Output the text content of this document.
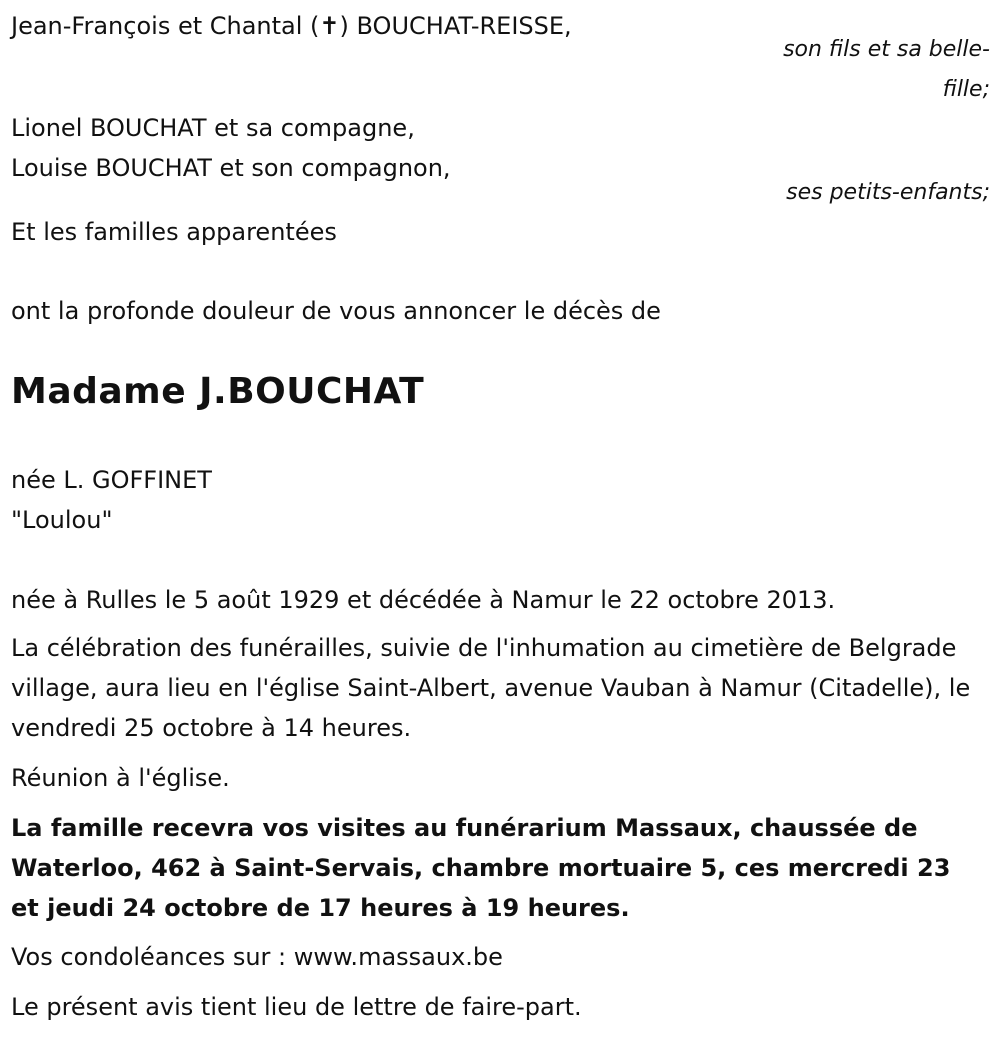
Jean-François et Chantal (✝) BOUCHAT-REISSE,
son fils et sa belle-
fille;
Lionel BOUCHAT et sa compagne,
Louise BOUCHAT et son compagnon,
ses petits-enfants;
Et les familles apparentées
ont la profonde douleur de vous annoncer le décès de
Madame J.BOUCHAT
née L. GOFFINET
"Loulou"
née à Rulles le 5 août 1929 et décédée à Namur le 22 octobre 2013.
La célébration des funérailles, suivie de l'inhumation au cimetière de Belgrade village, aura lieu en l'église Saint-Albert, avenue Vauban à Namur (Citadelle), le vendredi 25 octobre à 14 heures.
Réunion à l'église.
La famille recevra vos visites au funérarium Massaux, chaussée de Waterloo, 462 à Saint-Servais, chambre mortuaire 5, ces mercredi 23 et jeudi 24 octobre de 17 heures à 19 heures.
Vos condoléances sur : www.massaux.be
Le présent avis tient lieu de lettre de faire-part.
